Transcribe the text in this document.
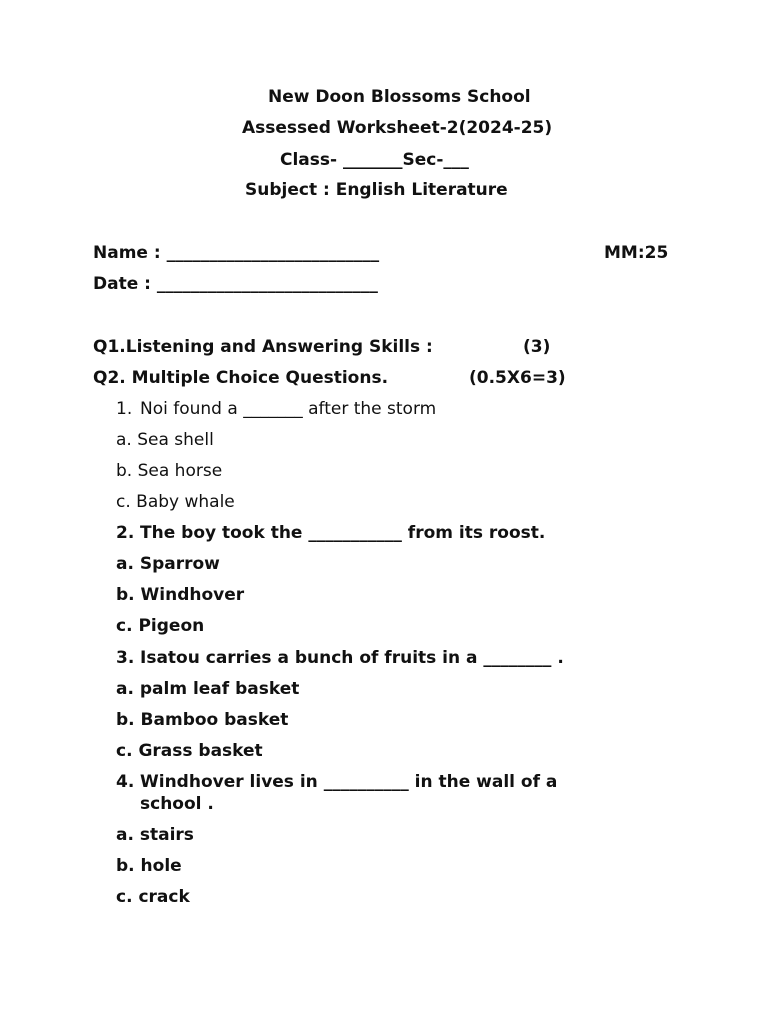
New Doon Blossoms School
Assessed Worksheet-2(2024-25)
Class- _______Sec-___
Subject : English Literature
Name : _________________________	MM:25
Date : __________________________
Q1.Listening and Answering Skills :	(3)
Q2. Multiple Choice Questions.	(0.5X6=3)
1. Noi found a _______ after the storm
a. Sea shell
b. Sea horse
c. Baby whale
2. The boy took the ___________ from its roost.
a. Sparrow
b. Windhover
c. Pigeon
3. Isatou carries a bunch of fruits in a ________ .
a. palm leaf basket
b. Bamboo basket
c. Grass basket
4. Windhover lives in __________ in the wall of a
school .
a. stairs
b. hole
c. crack
